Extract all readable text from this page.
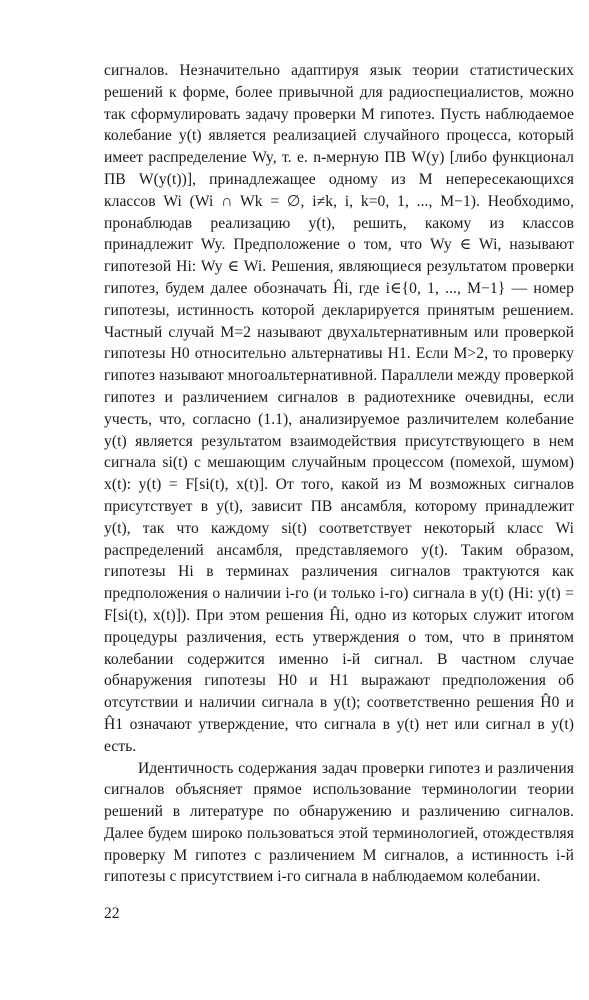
сигналов. Незначительно адаптируя язык теории статистических решений к форме, более привычной для радиоспециалистов, можно так сформулировать задачу проверки M гипотез. Пусть наблюдаемое колебание y(t) является реализацией случайного процесса, который имеет распределение Wy, т. е. n-мерную ПВ W(y) [либо функционал ПВ W(y(t))], принадлежащее одному из M непересекающихся классов Wi (Wi ∩ Wk = ∅, i≠k, i, k=0, 1, ..., M−1). Необходимо, пронаблюдав реализацию y(t), решить, какому из классов принадлежит Wy. Предположение о том, что Wy ∈ Wi, называют гипотезой Hi: Wy ∈ Wi. Решения, являющиеся результатом проверки гипотез, будем далее обозначать Ĥi, где i∈{0, 1, ..., M−1} — номер гипотезы, истинность которой декларируется принятым решением. Частный случай M=2 называют двухальтернативным или проверкой гипотезы H0 относительно альтернативы H1. Если M>2, то проверку гипотез называют многоальтернативной. Параллели между проверкой гипотез и различением сигналов в радиотехнике очевидны, если учесть, что, согласно (1.1), анализируемое различителем колебание y(t) является результатом взаимодействия присутствующего в нем сигнала si(t) с мешающим случайным процессом (помехой, шумом) x(t): y(t) = F[si(t), x(t)]. От того, какой из M возможных сигналов присутствует в y(t), зависит ПВ ансамбля, которому принадлежит y(t), так что каждому si(t) соответствует некоторый класс Wi распределений ансамбля, представляемого y(t). Таким образом, гипотезы Hi в терминах различения сигналов трактуются как предположения о наличии i-го (и только i-го) сигнала в y(t) (Hi: y(t) = F[si(t), x(t)]). При этом решения Ĥi, одно из которых служит итогом процедуры различения, есть утверждения о том, что в принятом колебании содержится именно i-й сигнал. В частном случае обнаружения гипотезы H0 и H1 выражают предположения об отсутствии и наличии сигнала в y(t); соответственно решения Ĥ0 и Ĥ1 означают утверждение, что сигнала в y(t) нет или сигнал в y(t) есть.

Идентичность содержания задач проверки гипотез и различения сигналов объясняет прямое использование терминологии теории решений в литературе по обнаружению и различению сигналов. Далее будем широко пользоваться этой терминологией, отождествляя проверку M гипотез с различением M сигналов, а истинность i-й гипотезы с присутствием i-го сигнала в наблюдаемом колебании.

22
